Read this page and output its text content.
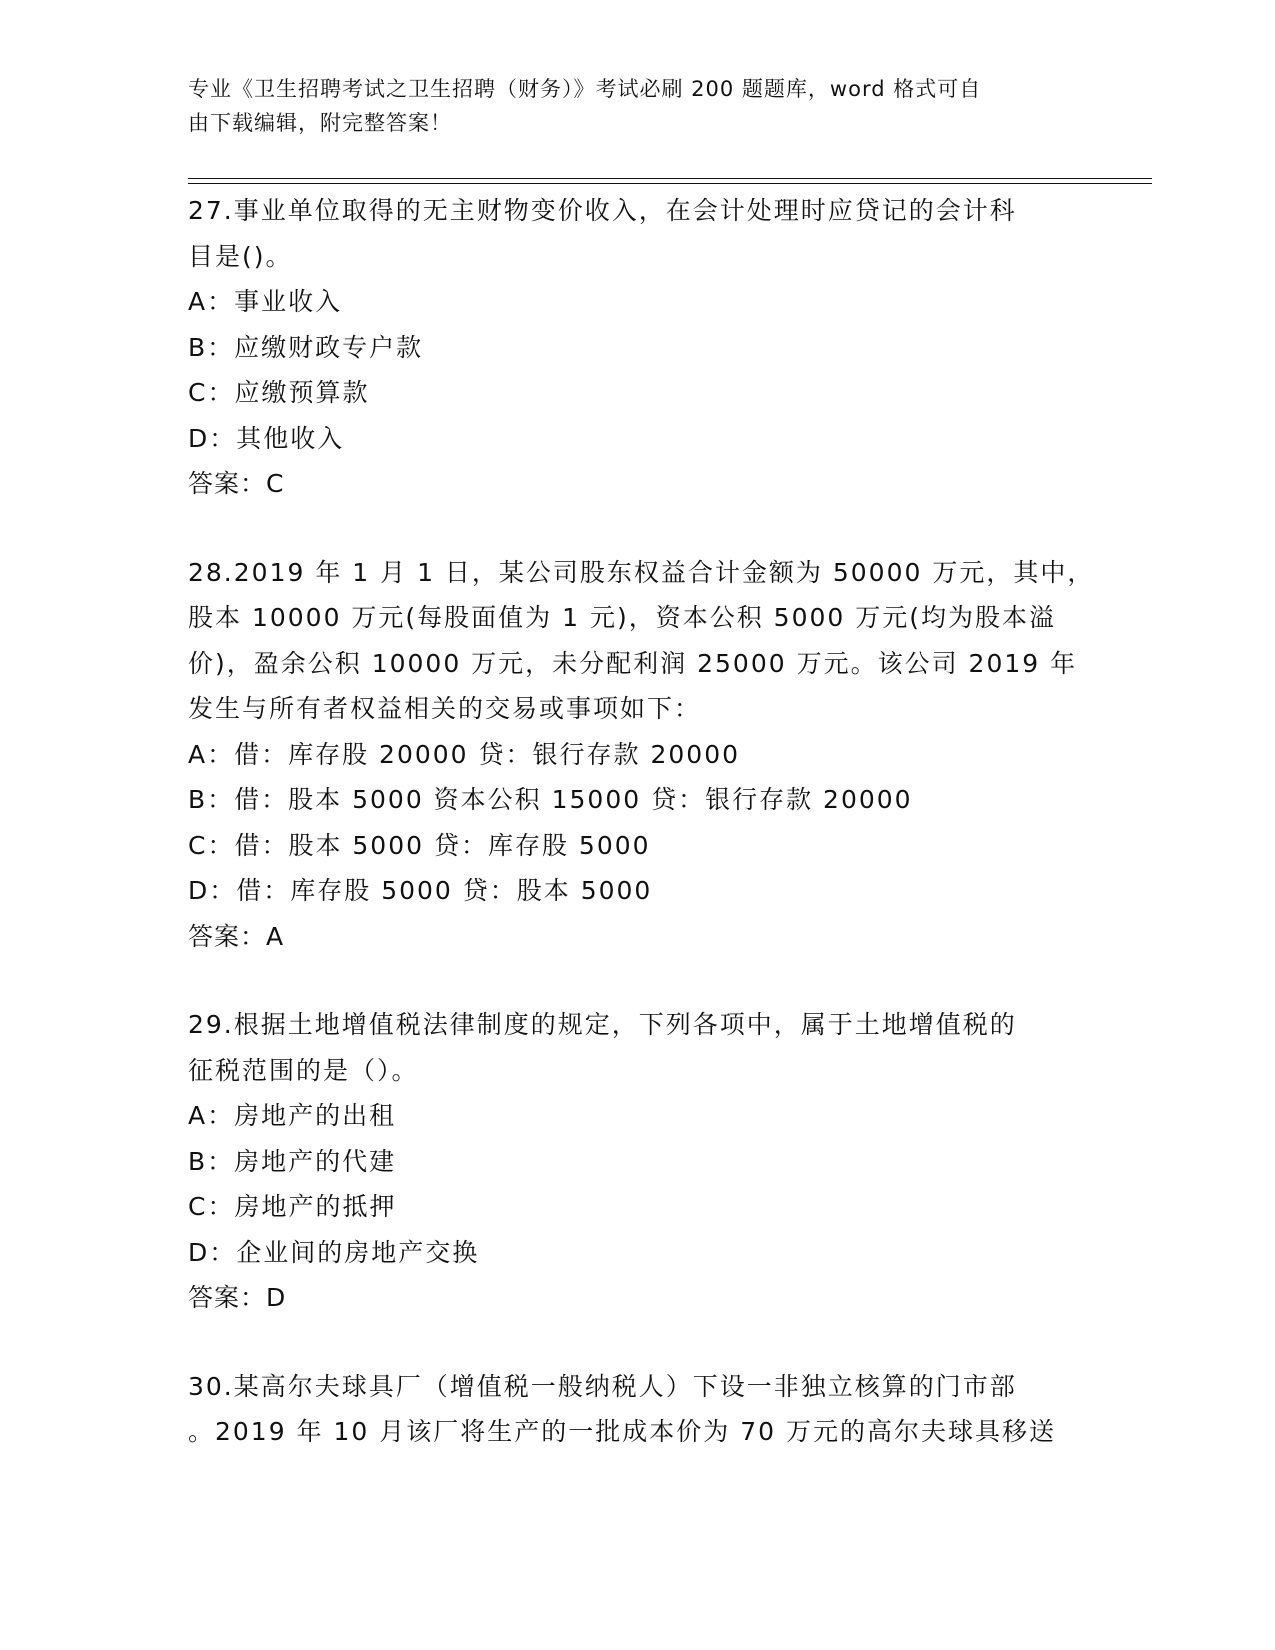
专业《卫生招聘考试之卫生招聘（财务）》考试必刷 200 题题库，word 格式可自
由下载编辑，附完整答案！
27.事业单位取得的无主财物变价收入，在会计处理时应贷记的会计科
目是()。
A：事业收入
B：应缴财政专户款
C：应缴预算款
D：其他收入
答案：C
28.2019 年 1 月 1 日，某公司股东权益合计金额为 50000 万元，其中，
股本 10000 万元(每股面值为 1 元)，资本公积 5000 万元(均为股本溢
价)，盈余公积 10000 万元，未分配利润 25000 万元。该公司 2019 年
发生与所有者权益相关的交易或事项如下：
A：借：库存股 20000 贷：银行存款 20000
B：借：股本 5000 资本公积 15000 贷：银行存款 20000
C：借：股本 5000 贷：库存股 5000
D：借：库存股 5000 贷：股本 5000
答案：A
29.根据土地增值税法律制度的规定，下列各项中，属于土地增值税的
征税范围的是（）。
A：房地产的出租
B：房地产的代建
C：房地产的抵押
D：企业间的房地产交换
答案：D
30.某高尔夫球具厂（增值税一般纳税人）下设一非独立核算的门市部
。2019 年 10 月该厂将生产的一批成本价为 70 万元的高尔夫球具移送
